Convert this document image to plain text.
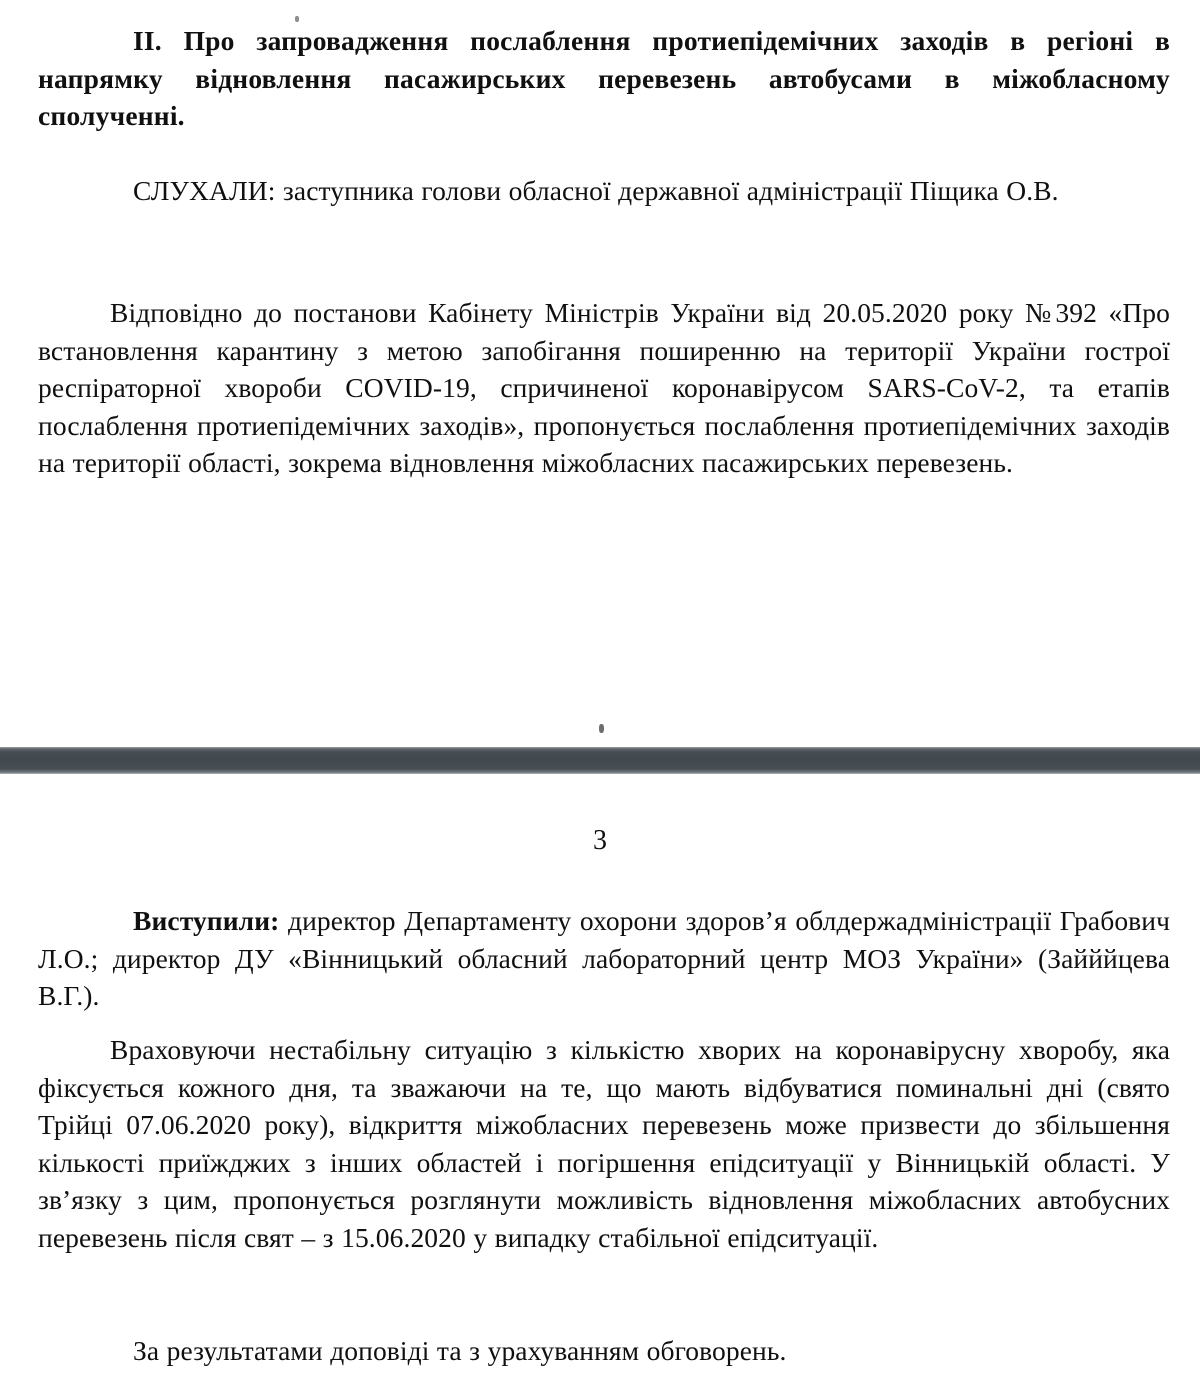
II. Про запровадження послаблення протиепідемічних заходів в регіоні в напрямку відновлення пасажирських перевезень автобусами в міжобласному сполученні.
СЛУХАЛИ: заступника голови обласної державної адміністрації Піщика О.В.
Відповідно до постанови Кабінету Міністрів України від 20.05.2020 року №392 «Про встановлення карантину з метою запобігання поширенню на території України гострої респіраторної хвороби COVID-19, спричиненої коронавірусом SARS-CoV-2, та етапів послаблення протиепідемічних заходів», пропонується послаблення протиепідемічних заходів на території області, зокрема відновлення міжобласних пасажирських перевезень.
3
Виступили: директор Департаменту охорони здоров’я облдержадміністрації Грабович Л.О.; директор ДУ «Вінницький обласний лабораторний центр МОЗ України» (Зайййцева В.Г.).
Враховуючи нестабільну ситуацію з кількістю хворих на коронавірусну хворобу, яка фіксується кожного дня, та зважаючи на те, що мають відбуватися поминальні дні (свято Трійці 07.06.2020 року), відкриття міжобласних перевезень може призвести до збільшення кількості приїжджих з інших областей і погіршення епідситуації у Вінницькій області. У зв’язку з цим, пропонується розглянути можливість відновлення міжобласних автобусних перевезень після свят – з 15.06.2020 у випадку стабільної епідситуації.
За результатами доповіді та з урахуванням обговорень.
